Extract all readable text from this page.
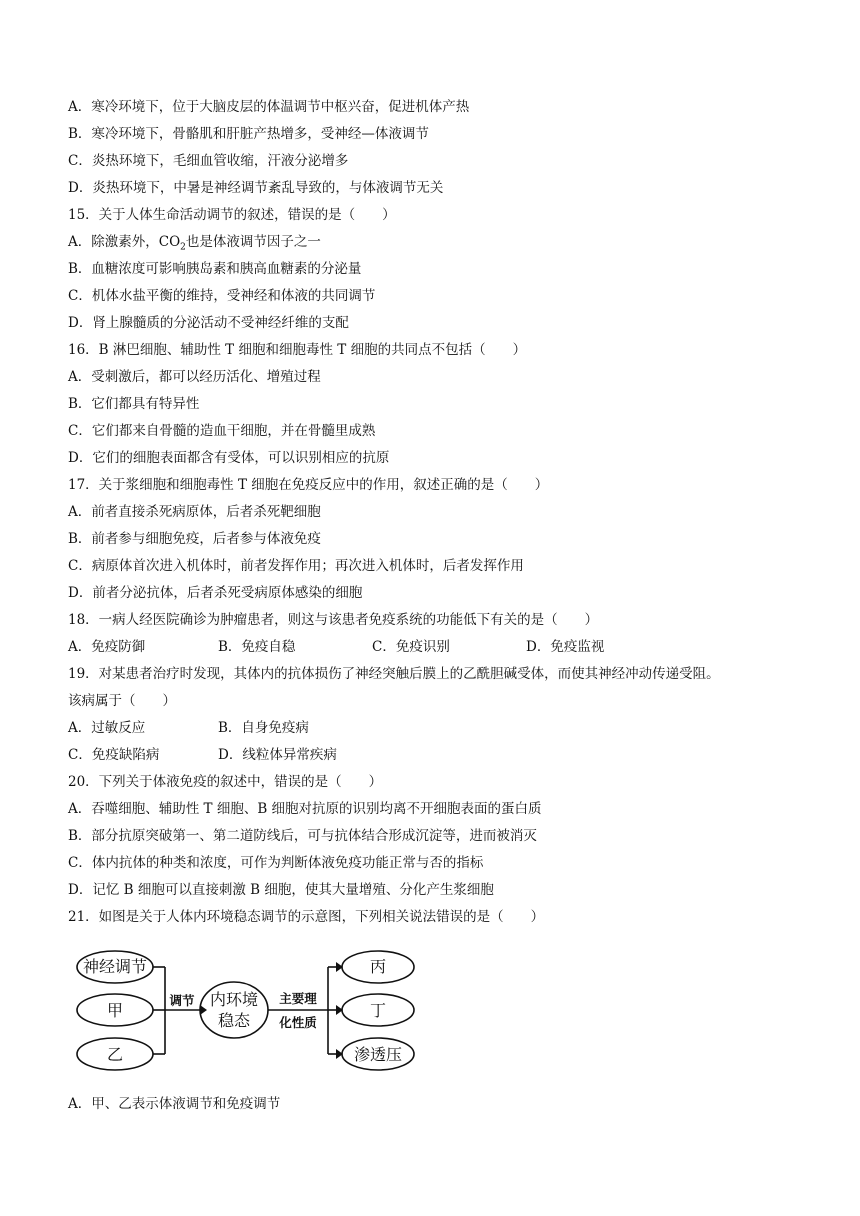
A．寒冷环境下，位于大脑皮层的体温调节中枢兴奋，促进机体产热
B．寒冷环境下，骨骼肌和肝脏产热增多，受神经—体液调节
C．炎热环境下，毛细血管收缩，汗液分泌增多
D．炎热环境下，中暑是神经调节紊乱导致的，与体液调节无关
15．关于人体生命活动调节的叙述，错误的是（　　）
A．除激素外，$CO_2$也是体液调节因子之一
B．血糖浓度可影响胰岛素和胰高血糖素的分泌量
C．机体水盐平衡的维持，受神经和体液的共同调节
D．肾上腺髓质的分泌活动不受神经纤维的支配
16．B 淋巴细胞、辅助性 T 细胞和细胞毒性 T 细胞的共同点不包括（　　）
A．受刺激后，都可以经历活化、增殖过程
B．它们都具有特异性
C．它们都来自骨髓的造血干细胞，并在骨髓里成熟
D．它们的细胞表面都含有受体，可以识别相应的抗原
17．关于浆细胞和细胞毒性 T 细胞在免疫反应中的作用，叙述正确的是（　　）
A．前者直接杀死病原体，后者杀死靶细胞
B．前者参与细胞免疫，后者参与体液免疫
C．病原体首次进入机体时，前者发挥作用；再次进入机体时，后者发挥作用
D．前者分泌抗体，后者杀死受病原体感染的细胞
18．一病人经医院确诊为肿瘤患者，则这与该患者免疫系统的功能低下有关的是（　　）
A．免疫防御	B．免疫自稳	C．免疫识别	D．免疫监视
19．对某患者治疗时发现，其体内的抗体损伤了神经突触后膜上的乙酰胆碱受体，而使其神经冲动传递受阻。
该病属于（　　）
A．过敏反应	B．自身免疫病
C．免疫缺陷病	D．线粒体异常疾病
20．下列关于体液免疫的叙述中，错误的是（　　）
A．吞噬细胞、辅助性 T 细胞、B 细胞对抗原的识别均离不开细胞表面的蛋白质
B．部分抗原突破第一、第二道防线后，可与抗体结合形成沉淀等，进而被消灭
C．体内抗体的种类和浓度，可作为判断体液免疫功能正常与否的指标
D．记忆 B 细胞可以直接刺激 B 细胞，使其大量增殖、分化产生浆细胞
21．如图是关于人体内环境稳态调节的示意图，下列相关说法错误的是（　　）
神经调节
甲
乙
调节 内环境
稳态
主要理
化性质
丙
丁
渗透压
A．甲、乙表示体液调节和免疫调节
